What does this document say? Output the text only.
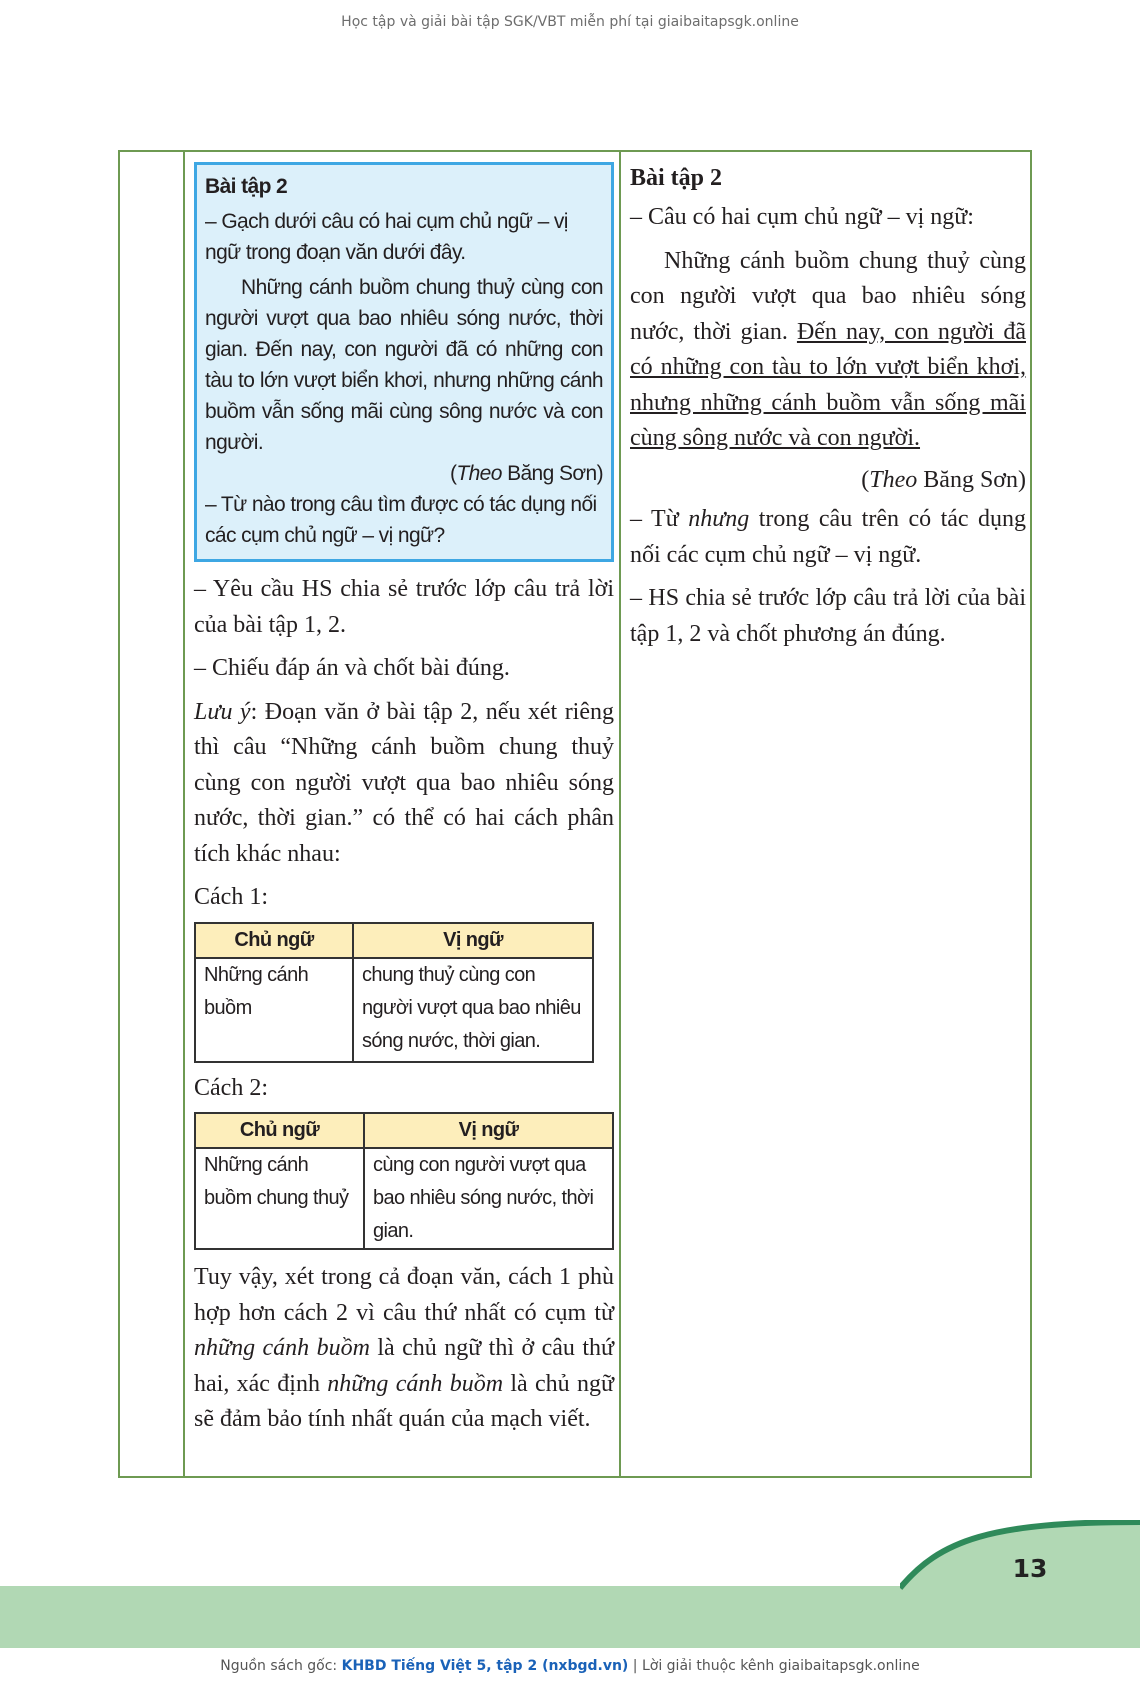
Học tập và giải bài tập SGK/VBT miễn phí tại giaibaitapsgk.online
Bài tập 2

– Gạch dưới câu có hai cụm chủ ngữ – vị ngữ trong đoạn văn dưới đây.

Những cánh buồm chung thuỷ cùng con người vượt qua bao nhiêu sóng nước, thời gian. Đến nay, con người đã có những con tàu to lớn vượt biển khơi, nhưng những cánh buồm vẫn sống mãi cùng sông nước và con người.

(Theo Băng Sơn)

– Từ nào trong câu tìm được có tác dụng nối các cụm chủ ngữ – vị ngữ?

– Yêu cầu HS chia sẻ trước lớp câu trả lời của bài tập 1, 2.

– Chiếu đáp án và chốt bài đúng.

Lưu ý: Đoạn văn ở bài tập 2, nếu xét riêng thì câu “Những cánh buồm chung thuỷ cùng con người vượt qua bao nhiêu sóng nước, thời gian.” có thể có hai cách phân tích khác nhau:

Cách 1:

Chủ ngữ	Vị ngữ
Những cánh buồm	chung thuỷ cùng con người vượt qua bao nhiêu sóng nước, thời gian.

Cách 2:

Chủ ngữ	Vị ngữ
Những cánh buồm chung thuỷ	cùng con người vượt qua bao nhiêu sóng nước, thời gian.

Tuy vậy, xét trong cả đoạn văn, cách 1 phù hợp hơn cách 2 vì câu thứ nhất có cụm từ những cánh buồm là chủ ngữ thì ở câu thứ hai, xác định những cánh buồm là chủ ngữ sẽ đảm bảo tính nhất quán của mạch viết.

Bài tập 2

– Câu có hai cụm chủ ngữ – vị ngữ:

Những cánh buồm chung thuỷ cùng con người vượt qua bao nhiêu sóng nước, thời gian. Đến nay, con người đã có những con tàu to lớn vượt biển khơi, nhưng những cánh buồm vẫn sống mãi cùng sông nước và con người.

(Theo Băng Sơn)

– Từ nhưng trong câu trên có tác dụng nối các cụm chủ ngữ – vị ngữ.

– HS chia sẻ trước lớp câu trả lời của bài tập 1, 2 và chốt phương án đúng.

13
Nguồn sách gốc: KHBD Tiếng Việt 5, tập 2 (nxbgd.vn) | Lời giải thuộc kênh giaibaitapsgk.online
